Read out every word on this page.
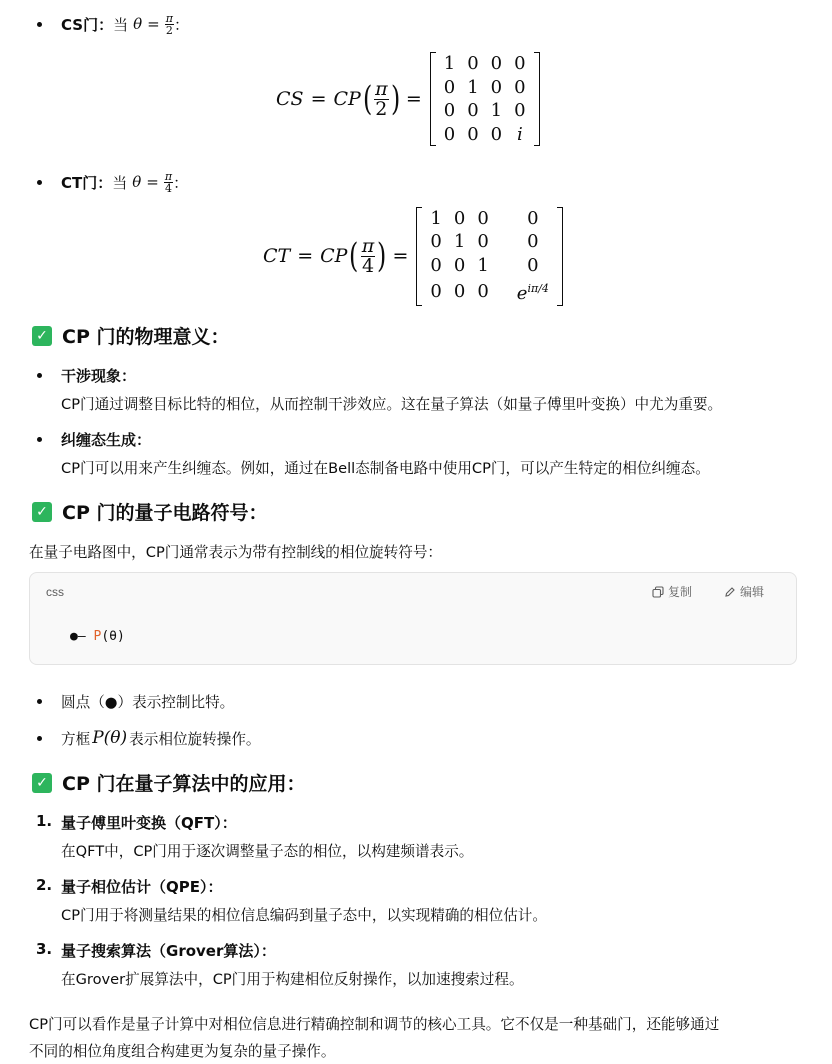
CS门： 当 $\theta = \frac{\pi}{2}$ ：
CS = CP ( $\frac{\pi}{2}$ ) =
1	0	0	0
0	1	0	0
0	0	1	0
0	0	0	i
CT门： 当 $\theta = \frac{\pi}{4}$ ：
CT = CP ( $\frac{\pi}{4}$ ) =
1	0	0	0
0	1	0	0
0	0	1	0
0	0	0	$e^{i\pi/4}$
✓ CP 门的物理意义：
干涉现象：
CP门通过调整目标比特的相位，从而控制干涉效应。这在量子算法（如量子傅里叶变换）中尤为重要。
纠缠态生成：
CP门可以用来产生纠缠态。例如，通过在Bell态制备电路中使用CP门，可以产生特定的相位纠缠态。
✓ CP 门的量子电路符号：
在量子电路图中，CP门通常表示为带有控制线的相位旋转符号：
css	复制	编辑
●— P(θ)
圆点（●）表示控制比特。
方框 P(θ) 表示相位旋转操作。
✓ CP 门在量子算法中的应用：
1. 量子傅里叶变换（QFT）：
在QFT中，CP门用于逐次调整量子态的相位，以构建频谱表示。
2. 量子相位估计（QPE）：
CP门用于将测量结果的相位信息编码到量子态中，以实现精确的相位估计。
3. 量子搜索算法（Grover算法）：
在Grover扩展算法中，CP门用于构建相位反射操作，以加速搜索过程。
CP门可以看作是量子计算中对相位信息进行精确控制和调节的核心工具。它不仅是一种基础门，还能够通过
不同的相位角度组合构建更为复杂的量子操作。
